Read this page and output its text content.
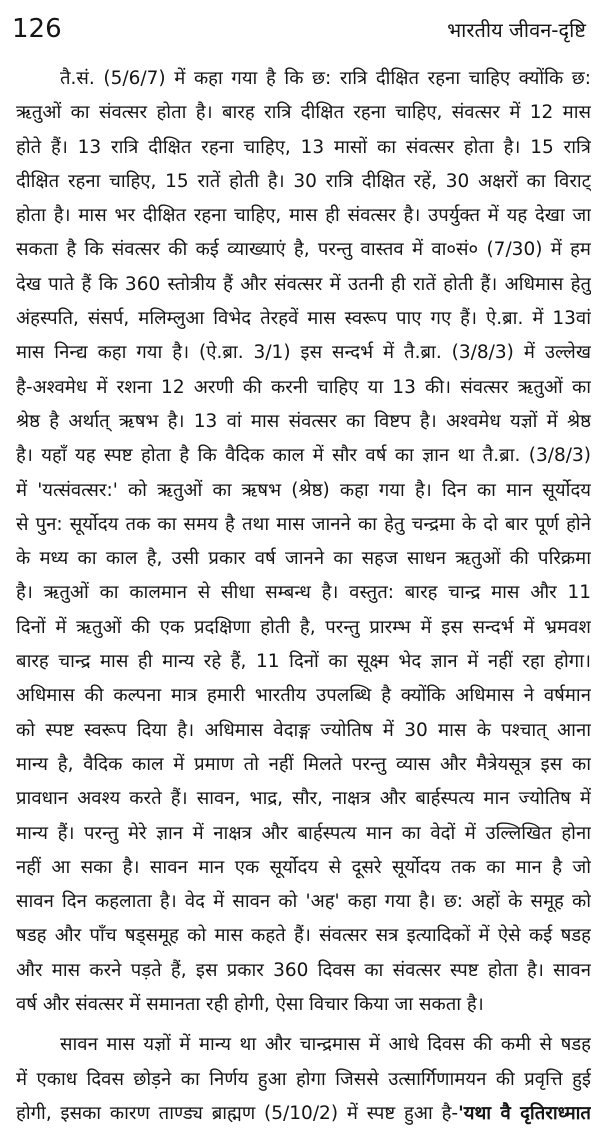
126	भारतीय जीवन-दृष्टि
तै.सं. (5/6/7) में कहा गया है कि छ: रात्रि दीक्षित रहना चाहिए क्योंकि छ:
ऋतुओं का संवत्सर होता है। बारह रात्रि दीक्षित रहना चाहिए, संवत्सर में 12 मास
होते हैं। 13 रात्रि दीक्षित रहना चाहिए, 13 मासों का संवत्सर होता है। 15 रात्रि
दीक्षित रहना चाहिए, 15 रातें होती है। 30 रात्रि दीक्षित रहें, 30 अक्षरों का विराट्
होता है। मास भर दीक्षित रहना चाहिए, मास ही संवत्सर है। उपर्युक्त में यह देखा जा
सकता है कि संवत्सर की कई व्याख्याएं है, परन्तु वास्तव में वा०सं० (7/30) में हम
देख पाते हैं कि 360 स्तोत्रीय हैं और संवत्सर में उतनी ही रातें होती हैं। अधिमास हेतु
अंहस्पति, संसर्प, मलिम्लुआ विभेद तेरहवें मास स्वरूप पाए गए हैं। ऐ.ब्रा. में 13वां
मास निन्द्य कहा गया है। (ऐ.ब्रा. 3/1) इस सन्दर्भ में तै.ब्रा. (3/8/3) में उल्लेख
है-अश्वमेध में रशना 12 अरणी की करनी चाहिए या 13 की। संवत्सर ऋतुओं का
श्रेष्ठ है अर्थात् ऋषभ है। 13 वां मास संवत्सर का विष्टप है। अश्वमेध यज्ञों में श्रेष्ठ
है। यहाँ यह स्पष्ट होता है कि वैदिक काल में सौर वर्ष का ज्ञान था तै.ब्रा. (3/8/3)
में 'यत्संवत्सर:' को ऋतुओं का ऋषभ (श्रेष्ठ) कहा गया है। दिन का मान सूर्योदय
से पुन: सूर्योदय तक का समय है तथा मास जानने का हेतु चन्द्रमा के दो बार पूर्ण होने
के मध्य का काल है, उसी प्रकार वर्ष जानने का सहज साधन ऋतुओं की परिक्रमा
है। ऋतुओं का कालमान से सीधा सम्बन्ध है। वस्तुत: बारह चान्द्र मास और 11
दिनों में ऋतुओं की एक प्रदक्षिणा होती है, परन्तु प्रारम्भ में इस सन्दर्भ में भ्रमवश
बारह चान्द्र मास ही मान्य रहे हैं, 11 दिनों का सूक्ष्म भेद ज्ञान में नहीं रहा होगा।
अधिमास की कल्पना मात्र हमारी भारतीय उपलब्धि है क्योंकि अधिमास ने वर्षमान
को स्पष्ट स्वरूप दिया है। अधिमास वेदाङ्ग ज्योतिष में 30 मास के पश्चात् आना
मान्य है, वैदिक काल में प्रमाण तो नहीं मिलते परन्तु व्यास और मैत्रेयसूत्र इस का
प्रावधान अवश्य करते हैं। सावन, भाद्र, सौर, नाक्षत्र और बार्हस्पत्य मान ज्योतिष में
मान्य हैं। परन्तु मेरे ज्ञान में नाक्षत्र और बार्हस्पत्य मान का वेदों में उल्लिखित होना
नहीं आ सका है। सावन मान एक सूर्योदय से दूसरे सूर्योदय तक का मान है जो
सावन दिन कहलाता है। वेद में सावन को 'अह' कहा गया है। छ: अहों के समूह को
षडह और पाँच षड्समूह को मास कहते हैं। संवत्सर सत्र इत्यादिकों में ऐसे कई षडह
और मास करने पड़ते हैं, इस प्रकार 360 दिवस का संवत्सर स्पष्ट होता है। सावन
वर्ष और संवत्सर में समानता रही होगी, ऐसा विचार किया जा सकता है।
सावन मास यज्ञों में मान्य था और चान्द्रमास में आधे दिवस की कमी से षडह
में एकाध दिवस छोड़ने का निर्णय हुआ होगा जिससे उत्सार्गिणामयन की प्रवृत्ति हुई
होगी, इसका कारण ताण्ड्य ब्राह्मण (5/10/2) में स्पष्ट हुआ है-'यथा वै दृतिराध्मात
